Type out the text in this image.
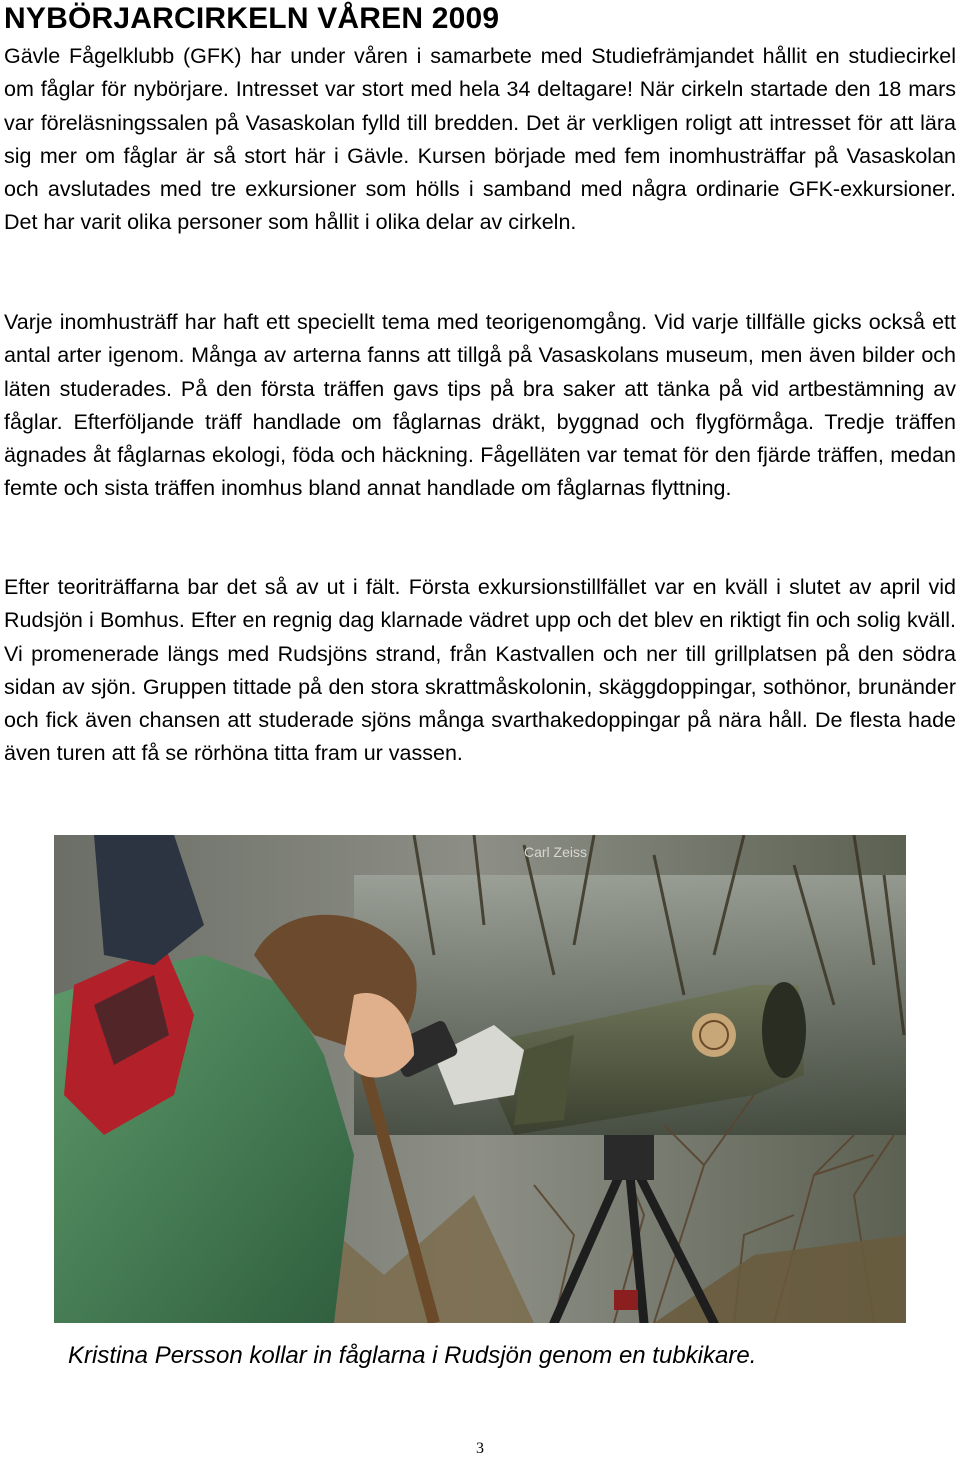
NYBÖRJARCIRKELN VÅREN 2009

Gävle Fågelklubb (GFK) har under våren i samarbete med Studiefrämjandet hållit en studiecirkel om fåglar för nybörjare. Intresset var stort med hela 34 deltagare! När cirkeln startade den 18 mars var föreläsningssalen på Vasaskolan fylld till bredden. Det är verkligen roligt att intresset för att lära sig mer om fåglar är så stort här i Gävle. Kursen började med fem inomhusträffar på Vasaskolan och avslutades med tre exkursioner som hölls i samband med några ordinarie GFK-exkursioner. Det har varit olika personer som hållit i olika delar av cirkeln.

Varje inomhusträff har haft ett speciellt tema med teorigenomgång. Vid varje tillfälle gicks också ett antal arter igenom. Många av arterna fanns att tillgå på Vasaskolans museum, men även bilder och läten studerades. På den första träffen gavs tips på bra saker att tänka på vid artbestämning av fåglar. Efterföljande träff handlade om fåglarnas dräkt, byggnad och flygförmåga. Tredje träffen ägnades åt fåglarnas ekologi, föda och häckning. Fågelläten var temat för den fjärde träffen, medan femte och sista träffen inomhus bland annat handlade om fåglarnas flyttning.

Efter teoriträffarna bar det så av ut i fält. Första exkursionstillfället var en kväll i slutet av april vid Rudsjön i Bomhus. Efter en regnig dag klarnade vädret upp och det blev en riktigt fin och solig kväll. Vi promenerade längs med Rudsjöns strand, från Kastvallen och ner till grillplatsen på den södra sidan av sjön. Gruppen tittade på den stora skrattmåskolonin, skäggdoppingar, sothönor, brunänder och fick även chansen att studerade sjöns många svarthakedoppingar på nära håll. De flesta hade även turen att få se rörhöna titta fram ur vassen.

Carl Zeiss

Kristina Persson kollar in fåglarna i Rudsjön genom en tubkikare.

3
